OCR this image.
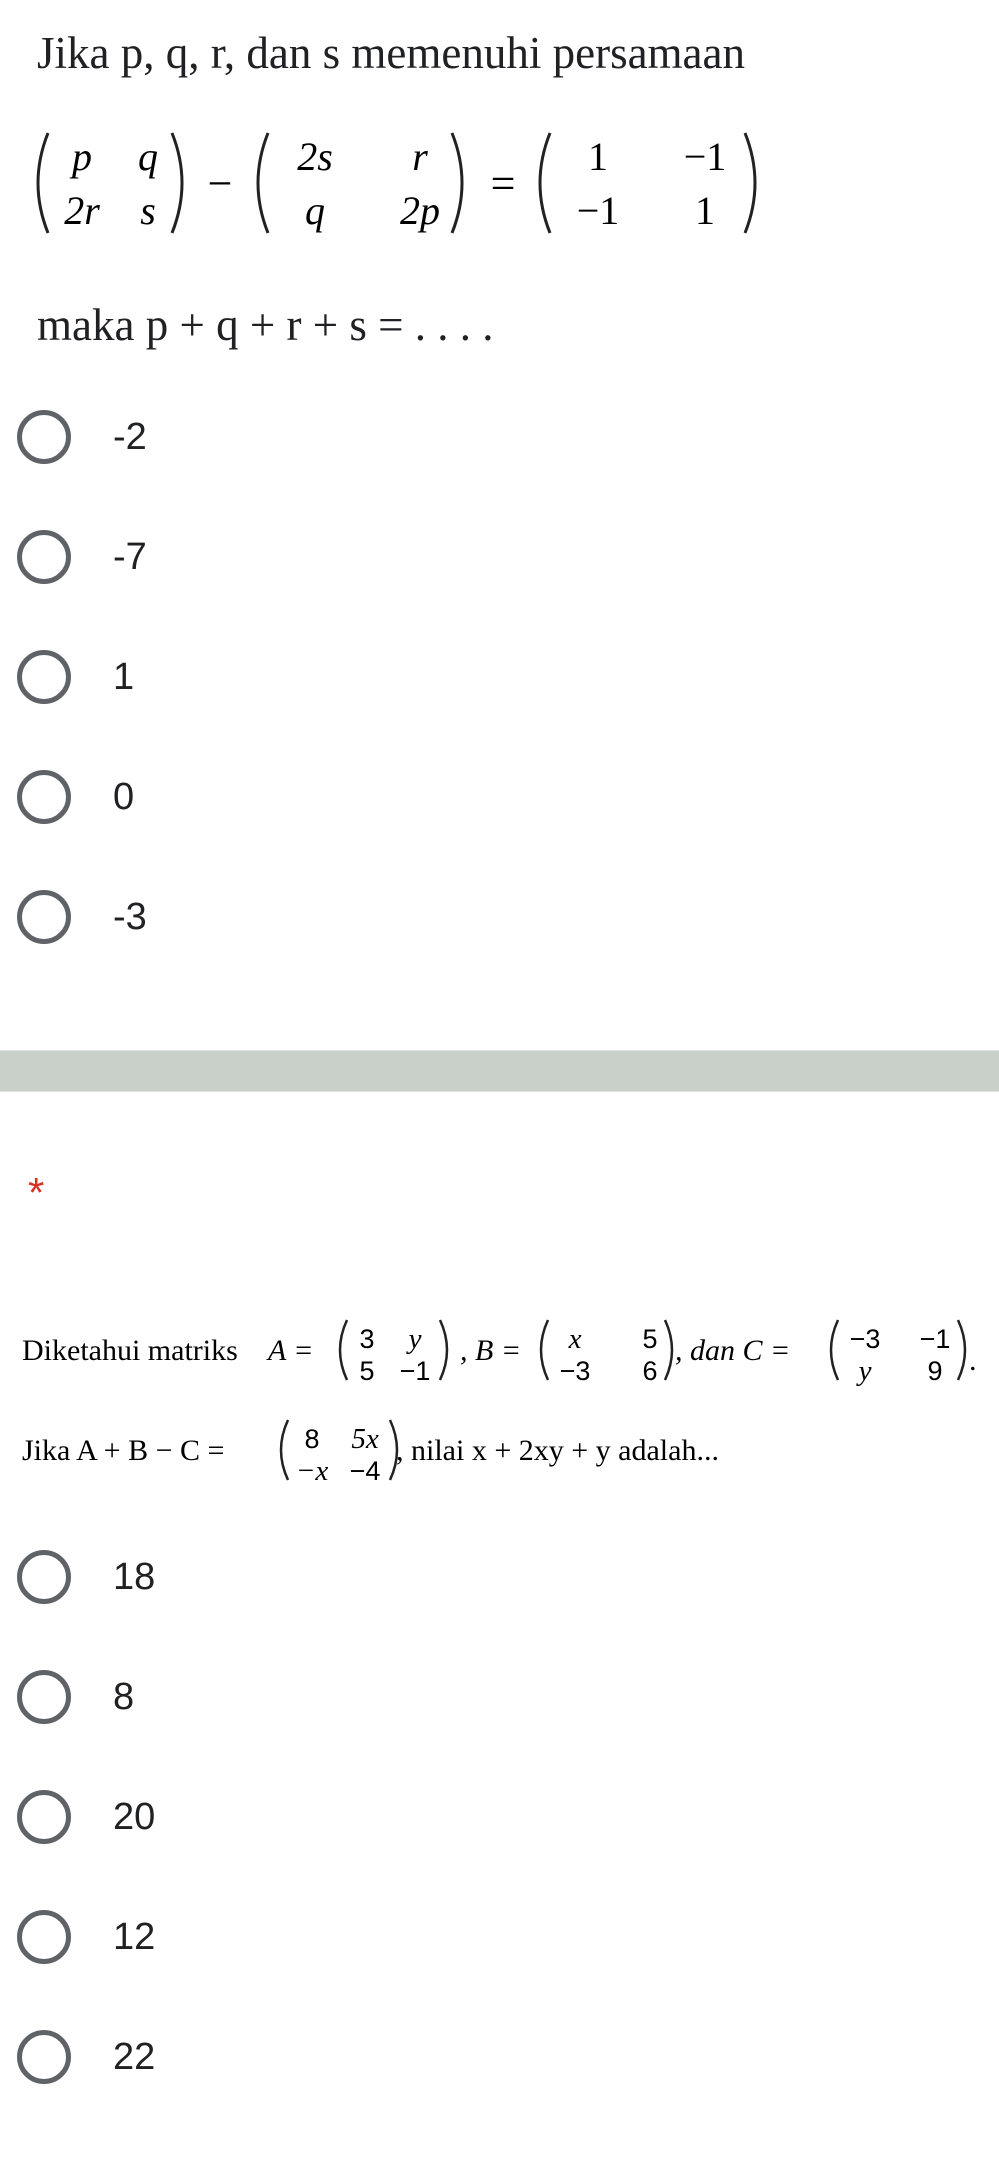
Jika p, q, r, dan s memenuhi persamaan
p q
2r s
−
2s r
q 2p
=
1 −1
−1 1
maka p + q + r + s = . . . .
-2
-7
1
0
-3
*
Diketahui matriks A = 3 y
5 −1
, B = x 5
−3 6
, dan C = −3 −1
y 9 .
Jika A + B − C =	8 5x
−x −4
, nilai x + 2xy + y adalah...
18
8
20
12
22
